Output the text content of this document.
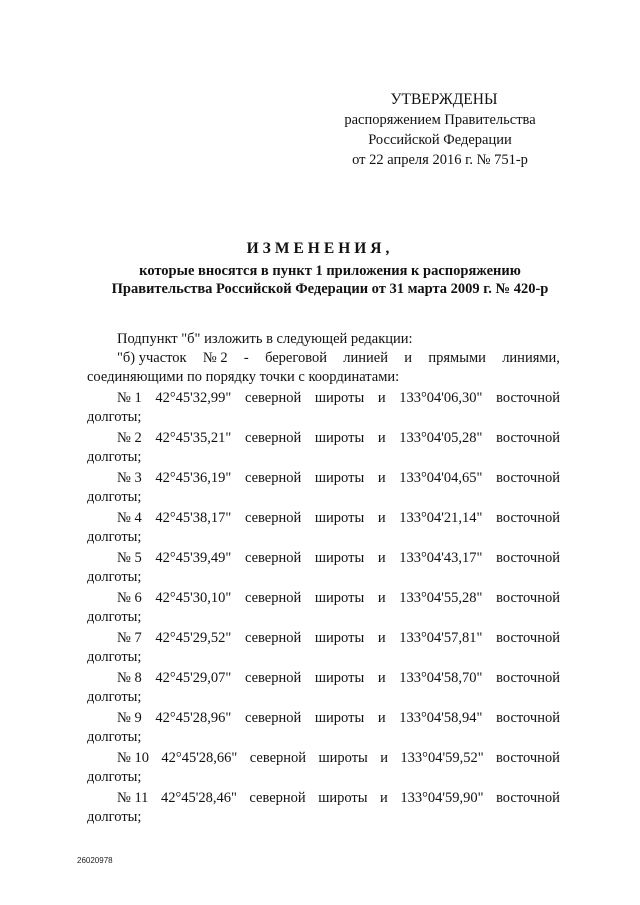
УТВЕРЖДЕНЫ
распоряжением Правительства
Российской Федерации
от 22 апреля 2016 г. № 751-р
ИЗМЕНЕНИЯ,
которые вносятся в пункт 1 приложения к распоряжению
Правительства Российской Федерации от 31 марта 2009 г. № 420-р
Подпункт "б" изложить в следующей редакции:
"б) участок № 2 - береговой линией и прямыми линиями,
соединяющими по порядку точки с координатами:
№ 1 42°45'32,99" северной широты и 133°04'06,30" восточной
долготы;
№ 2 42°45'35,21" северной широты и 133°04'05,28" восточной
долготы;
№ 3 42°45'36,19" северной широты и 133°04'04,65" восточной
долготы;
№ 4 42°45'38,17" северной широты и 133°04'21,14" восточной
долготы;
№ 5 42°45'39,49" северной широты и 133°04'43,17" восточной
долготы;
№ 6 42°45'30,10" северной широты и 133°04'55,28" восточной
долготы;
№ 7 42°45'29,52" северной широты и 133°04'57,81" восточной
долготы;
№ 8 42°45'29,07" северной широты и 133°04'58,70" восточной
долготы;
№ 9 42°45'28,96" северной широты и 133°04'58,94" восточной
долготы;
№ 10 42°45'28,66" северной широты и 133°04'59,52" восточной
долготы;
№ 11 42°45'28,46" северной широты и 133°04'59,90" восточной
долготы;
26020978
